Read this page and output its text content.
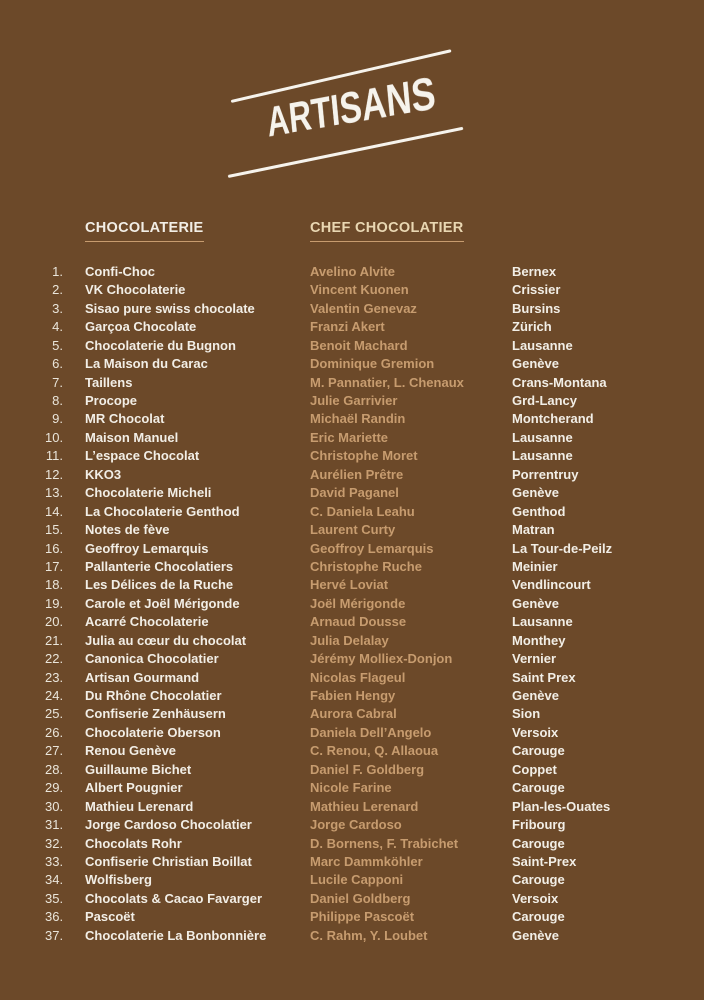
ARTISANS
CHOCOLATERIE	CHEF CHOCOLATIER
1.	Confi-Choc	Avelino Alvite	Bernex
2.	VK Chocolaterie	Vincent Kuonen	Crissier
3.	Sisao pure swiss chocolate	Valentin Genevaz	Bursins
4.	Garçoa Chocolate	Franzi Akert	Zürich
5.	Chocolaterie du Bugnon	Benoit Machard	Lausanne
6.	La Maison du Carac	Dominique Gremion	Genève
7.	Taillens	M. Pannatier, L. Chenaux	Crans-Montana
8.	Procope	Julie Garrivier	Grd-Lancy
9.	MR Chocolat	Michaël Randin	Montcherand
10.	Maison Manuel	Eric Mariette	Lausanne
11.	L’espace Chocolat	Christophe Moret	Lausanne
12.	KKO3	Aurélien Prêtre	Porrentruy
13.	Chocolaterie Micheli	David Paganel	Genève
14.	La Chocolaterie Genthod	C. Daniela Leahu	Genthod
15.	Notes de fève	Laurent Curty	Matran
16.	Geoffroy Lemarquis	Geoffroy Lemarquis	La Tour-de-Peilz
17.	Pallanterie Chocolatiers	Christophe Ruche	Meinier
18.	Les Délices de la Ruche	Hervé Loviat	Vendlincourt
19.	Carole et Joël Mérigonde	Joël Mérigonde	Genève
20.	Acarré Chocolaterie	Arnaud Dousse	Lausanne
21.	Julia au cœur du chocolat	Julia Delalay	Monthey
22.	Canonica Chocolatier	Jérémy Molliex-Donjon	Vernier
23.	Artisan Gourmand	Nicolas Flageul	Saint Prex
24.	Du Rhône Chocolatier	Fabien Hengy	Genève
25.	Confiserie Zenhäusern	Aurora Cabral	Sion
26.	Chocolaterie Oberson	Daniela Dell’Angelo	Versoix
27.	Renou Genève	C. Renou, Q. Allaoua	Carouge
28.	Guillaume Bichet	Daniel F. Goldberg	Coppet
29.	Albert Pougnier	Nicole Farine	Carouge
30.	Mathieu Lerenard	Mathieu Lerenard	Plan-les-Ouates
31.	Jorge Cardoso Chocolatier	Jorge Cardoso	Fribourg
32.	Chocolats Rohr	D. Bornens, F. Trabichet	Carouge
33.	Confiserie Christian Boillat	Marc Dammköhler	Saint-Prex
34.	Wolfisberg	Lucile Capponi	Carouge
35.	Chocolats & Cacao Favarger	Daniel Goldberg	Versoix
36.	Pascoët	Philippe Pascoët	Carouge
37.	Chocolaterie La Bonbonnière	C. Rahm, Y. Loubet	Genève
